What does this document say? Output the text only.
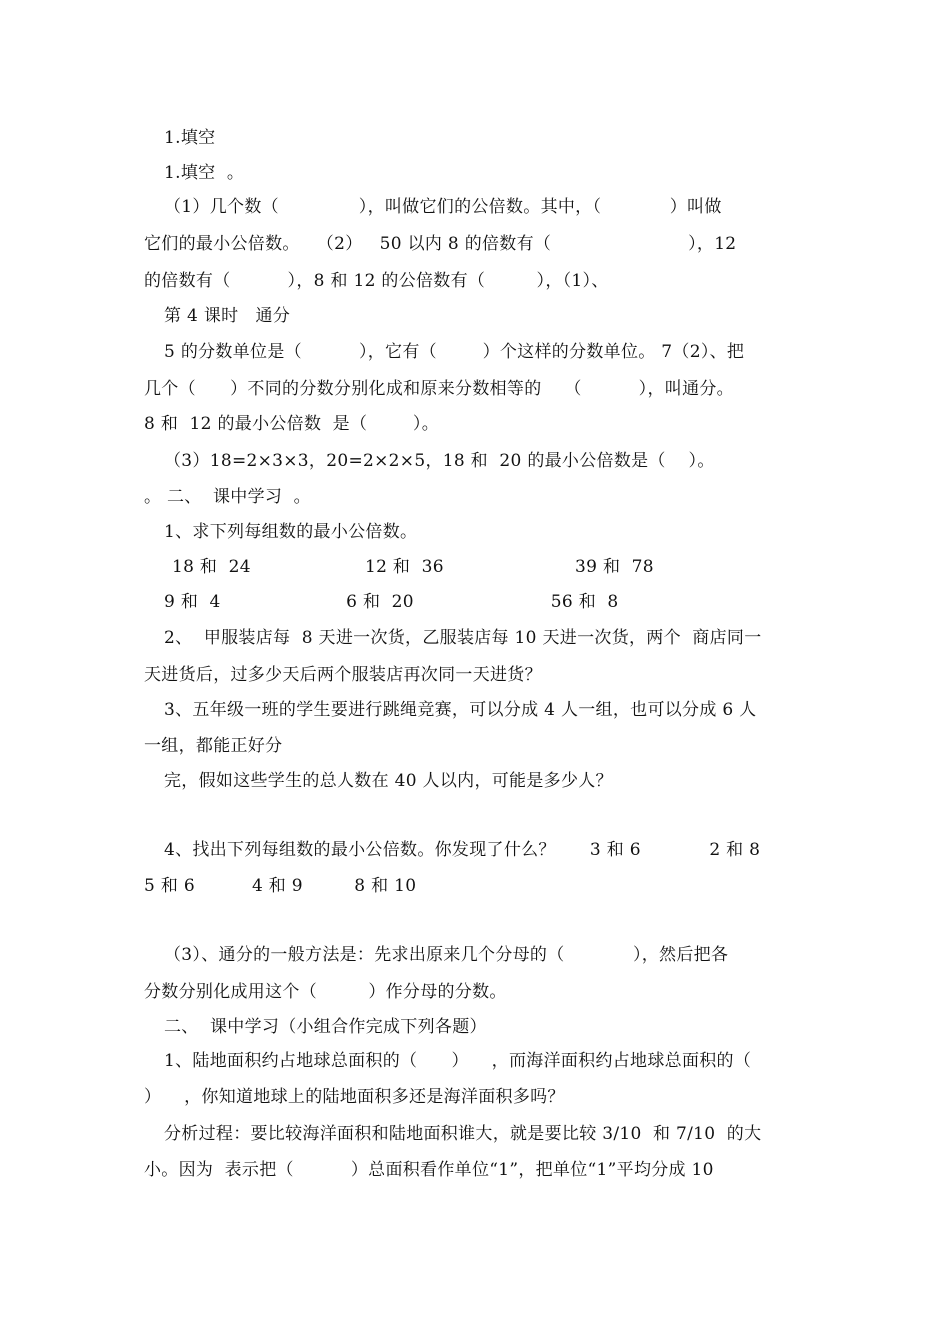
1.填空
1.填空  。
（1）几个数（              ），叫做它们的公倍数。其中，（            ）叫做
它们的最小公倍数。   （2）   50 以内 8 的倍数有（                        ），12
的倍数有（          ），8 和 12 的公倍数有（         ），（1）、
第 4 课时   通分
5 的分数单位是（          ），它有（        ）个这样的分数单位。 7（2）、把
几个（      ）不同的分数分别化成和原来分数相等的    （          ），叫通分。
8 和  12 的最小公倍数  是（        ）。
（3）18=2×3×3，20=2×2×5，18 和  20 的最小公倍数是（    ）。
。 二、  课中学习  。
1、求下列每组数的最小公倍数。
18 和  24                    12 和  36                       39 和  78
9 和  4                      6 和  20                        56 和  8
2、  甲服装店每  8 天进一次货，乙服装店每 10 天进一次货，两个  商店同一
天进货后，过多少天后两个服装店再次同一天进货？
3、五年级一班的学生要进行跳绳竞赛，可以分成 4 人一组，也可以分成 6 人
一组，都能正好分
完，假如这些学生的总人数在 40 人以内，可能是多少人？
4、找出下列每组数的最小公倍数。你发现了什么？      3 和 6            2 和 8
5 和 6          4 和 9         8 和 10
（3）、通分的一般方法是：先求出原来几个分母的（            ），然后把各
分数分别化成用这个（         ）作分母的分数。
二、  课中学习（小组合作完成下列各题）
1、陆地面积约占地球总面积的（      ）    ，而海洋面积约占地球总面积的（
）    ，你知道地球上的陆地面积多还是海洋面积多吗？
分析过程：要比较海洋面积和陆地面积谁大，就是要比较 3/10  和 7/10  的大
小。因为  表示把（          ）总面积看作单位“1”，把单位“1”平均分成 10
